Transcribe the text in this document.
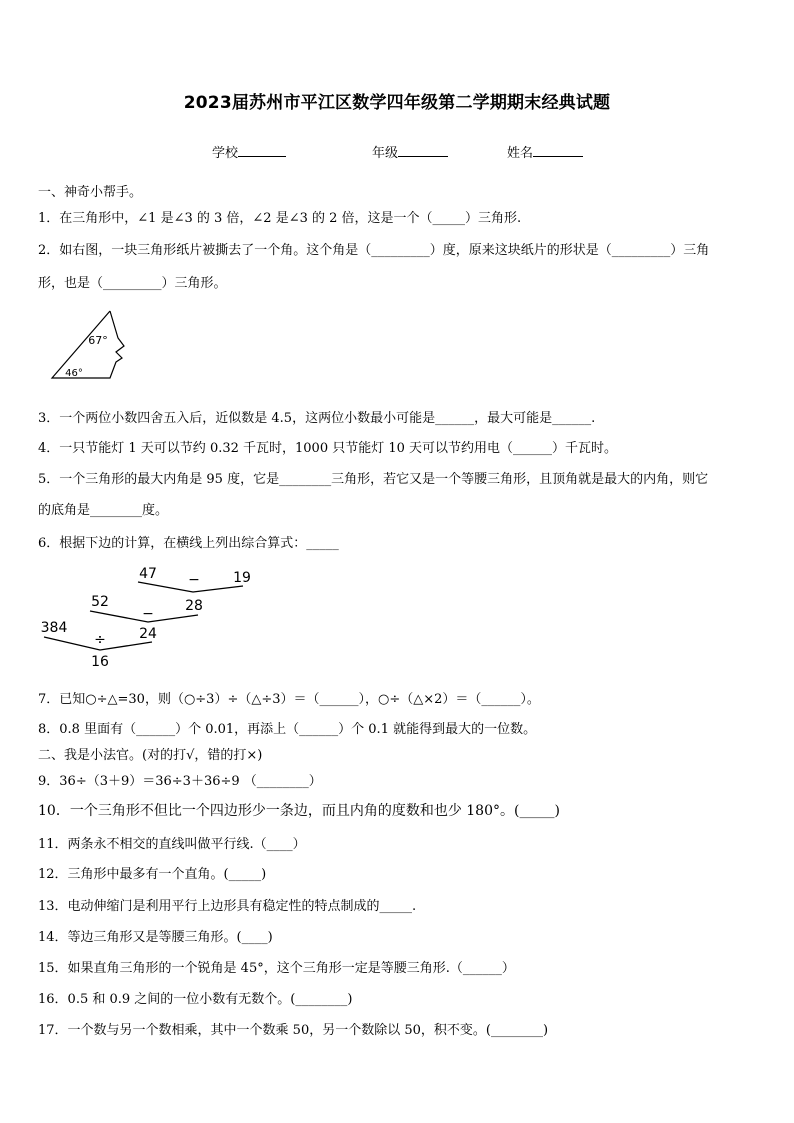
2023届苏州市平江区数学四年级第二学期期末经典试题
学校	年级	姓名
一、神奇小帮手。
1．在三角形中，∠1 是∠3 的 3 倍，∠2 是∠3 的 2 倍，这是一个（_____）三角形.
2．如右图，一块三角形纸片被撕去了一个角。这个角是（_________）度，原来这块纸片的形状是（_________）三角
形，也是（_________）三角形。
67°
46°
3．一个两位小数四舍五入后，近似数是 4.5，这两位小数最小可能是______，最大可能是______.
4．一只节能灯 1 天可以节约 0.32 千瓦时，1000 只节能灯 10 天可以节约用电（______）千瓦时。
5．一个三角形的最大内角是 95 度，它是________三角形，若它又是一个等腰三角形，且顶角就是最大的内角，则它
的底角是________度。
6．根据下边的计算，在横线上列出综合算式：_____
47 − 19
52
− 28
384
÷ 24
16
7．已知○÷△=30，则（○÷3）÷（△÷3）＝（______），○÷（△×2）＝（______）。
8．0.8 里面有（______）个 0.01，再添上（______）个 0.1 就能得到最大的一位数。
二、我是小法官。(对的打√，错的打×)
9．36÷（3＋9）＝36÷3＋36÷9 （________）
10．一个三角形不但比一个四边形少一条边，而且内角的度数和也少 180°。(_____)
11．两条永不相交的直线叫做平行线.（____）
12．三角形中最多有一个直角。(_____)
13．电动伸缩门是利用平行上边形具有稳定性的特点制成的_____.
14．等边三角形又是等腰三角形。(____)
15．如果直角三角形的一个锐角是 45°，这个三角形一定是等腰三角形.（______）
16．0.5 和 0.9 之间的一位小数有无数个。(________)
17．一个数与另一个数相乘，其中一个数乘 50，另一个数除以 50，积不变。(________)
